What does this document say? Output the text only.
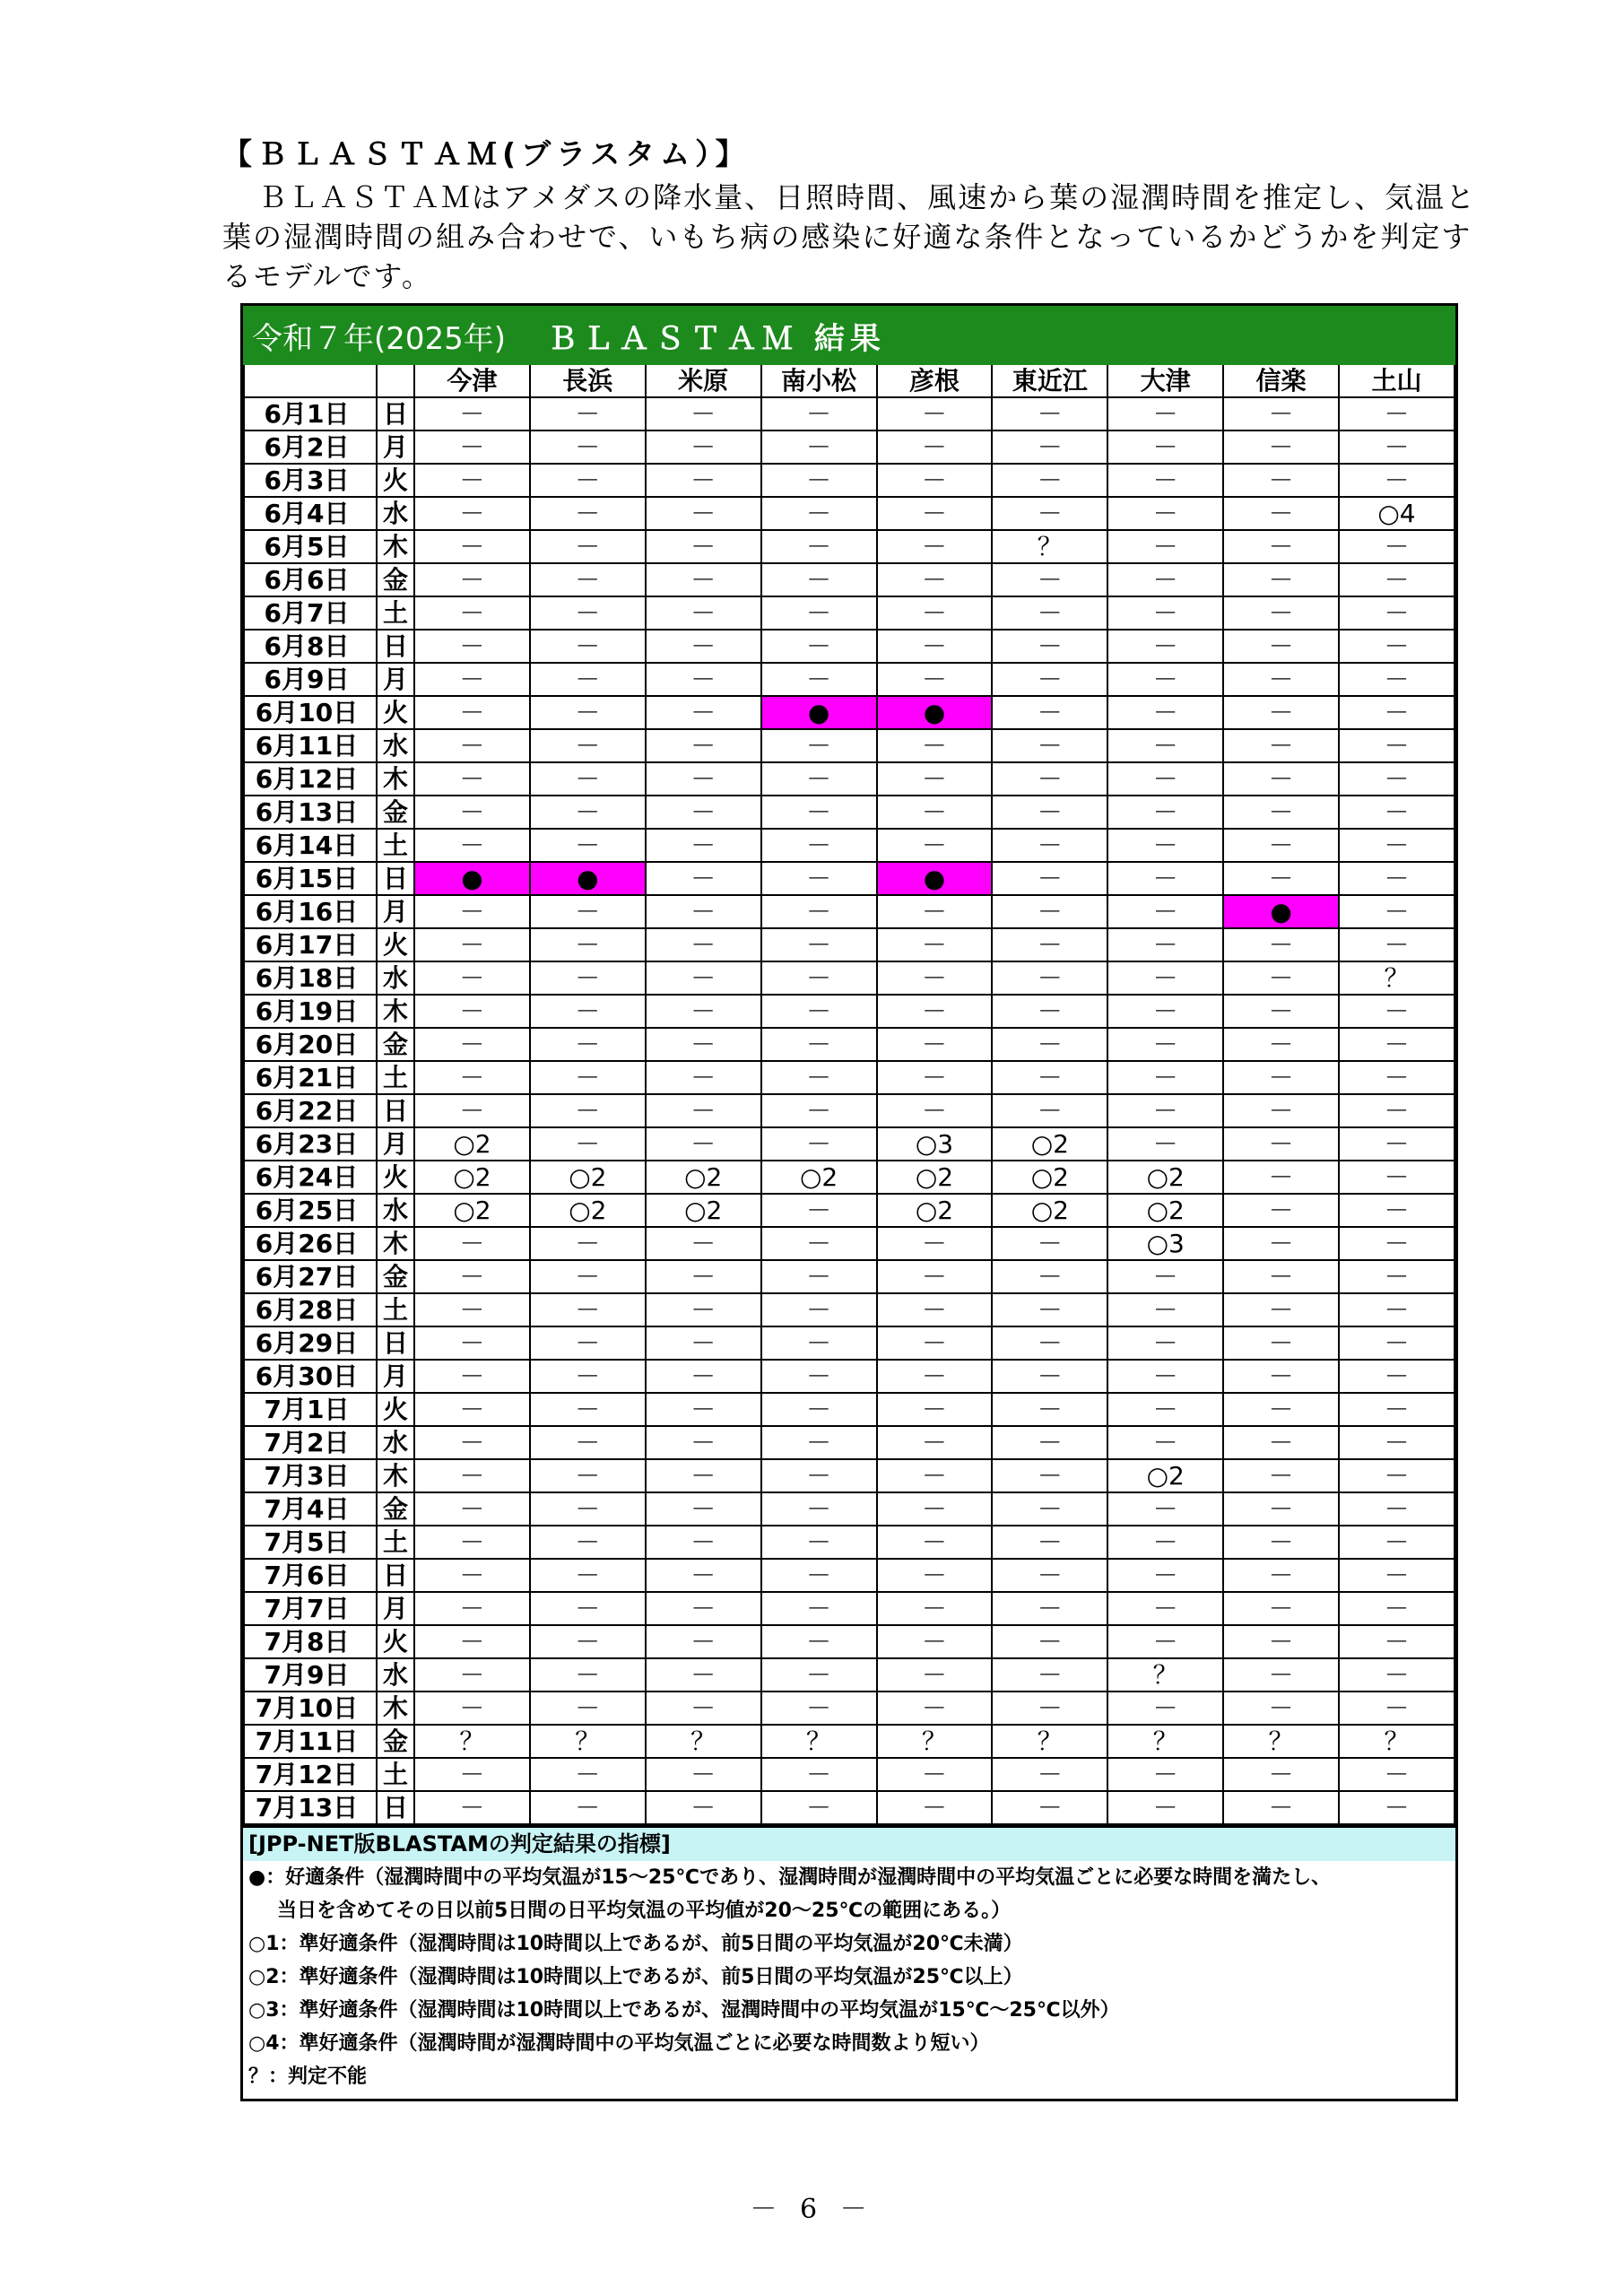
【ＢＬＡＳＴＡＭ(ブラスタム）】

ＢＬＡＳＴＡＭはアメダスの降水量、日照時間、風速から葉の湿潤時間を推定し、気温と葉の湿潤時間の組み合わせで、いもち病の感染に好適な条件となっているかどうかを判定するモデルです。

令和７年(2025年) ＢＬＡＳＴＡＭ 結果
		今津	長浜	米原	南小松	彦根	東近江	大津	信楽	土山
6月1日	日	－	－	－	－	－	－	－	－	－
6月2日	月	－	－	－	－	－	－	－	－	－
6月3日	火	－	－	－	－	－	－	－	－	－
6月4日	水	－	－	－	－	－	－	－	－	○4
6月5日	木	－	－	－	－	－	？	－	－	－
6月6日	金	－	－	－	－	－	－	－	－	－
6月7日	土	－	－	－	－	－	－	－	－	－
6月8日	日	－	－	－	－	－	－	－	－	－
6月9日	月	－	－	－	－	－	－	－	－	－
6月10日	火	－	－	－	●	●	－	－	－	－
6月11日	水	－	－	－	－	－	－	－	－	－
6月12日	木	－	－	－	－	－	－	－	－	－
6月13日	金	－	－	－	－	－	－	－	－	－
6月14日	土	－	－	－	－	－	－	－	－	－
6月15日	日	●	●	－	－	●	－	－	－	－
6月16日	月	－	－	－	－	－	－	－	●	－
6月17日	火	－	－	－	－	－	－	－	－	－
6月18日	水	－	－	－	－	－	－	－	－	？
6月19日	木	－	－	－	－	－	－	－	－	－
6月20日	金	－	－	－	－	－	－	－	－	－
6月21日	土	－	－	－	－	－	－	－	－	－
6月22日	日	－	－	－	－	－	－	－	－	－
6月23日	月	○2	－	－	－	○3	○2	－	－	－
6月24日	火	○2	○2	○2	○2	○2	○2	○2	－	－
6月25日	水	○2	○2	○2	－	○2	○2	○2	－	－
6月26日	木	－	－	－	－	－	－	○3	－	－
6月27日	金	－	－	－	－	－	－	－	－	－
6月28日	土	－	－	－	－	－	－	－	－	－
6月29日	日	－	－	－	－	－	－	－	－	－
6月30日	月	－	－	－	－	－	－	－	－	－
7月1日	火	－	－	－	－	－	－	－	－	－
7月2日	水	－	－	－	－	－	－	－	－	－
7月3日	木	－	－	－	－	－	－	○2	－	－
7月4日	金	－	－	－	－	－	－	－	－	－
7月5日	土	－	－	－	－	－	－	－	－	－
7月6日	日	－	－	－	－	－	－	－	－	－
7月7日	月	－	－	－	－	－	－	－	－	－
7月8日	火	－	－	－	－	－	－	－	－	－
7月9日	水	－	－	－	－	－	－	？	－	－
7月10日	木	－	－	－	－	－	－	－	－	－
7月11日	金	？	？	？	？	？	？	？	？	？
7月12日	土	－	－	－	－	－	－	－	－	－
7月13日	日	－	－	－	－	－	－	－	－	－
[JPP-NET版BLASTAMの判定結果の指標]
●：好適条件（湿潤時間中の平均気温が15～25℃であり、湿潤時間が湿潤時間中の平均気温ごとに必要な時間を満たし、
当日を含めてその日以前5日間の日平均気温の平均値が20～25℃の範囲にある。）
○1：準好適条件（湿潤時間は10時間以上であるが、前5日間の平均気温が20℃未満）
○2：準好適条件（湿潤時間は10時間以上であるが、前5日間の平均気温が25℃以上）
○3：準好適条件（湿潤時間は10時間以上であるが、湿潤時間中の平均気温が15℃～25℃以外）
○4：準好適条件（湿潤時間が湿潤時間中の平均気温ごとに必要な時間数より短い）
？：判定不能
－ 6 －
